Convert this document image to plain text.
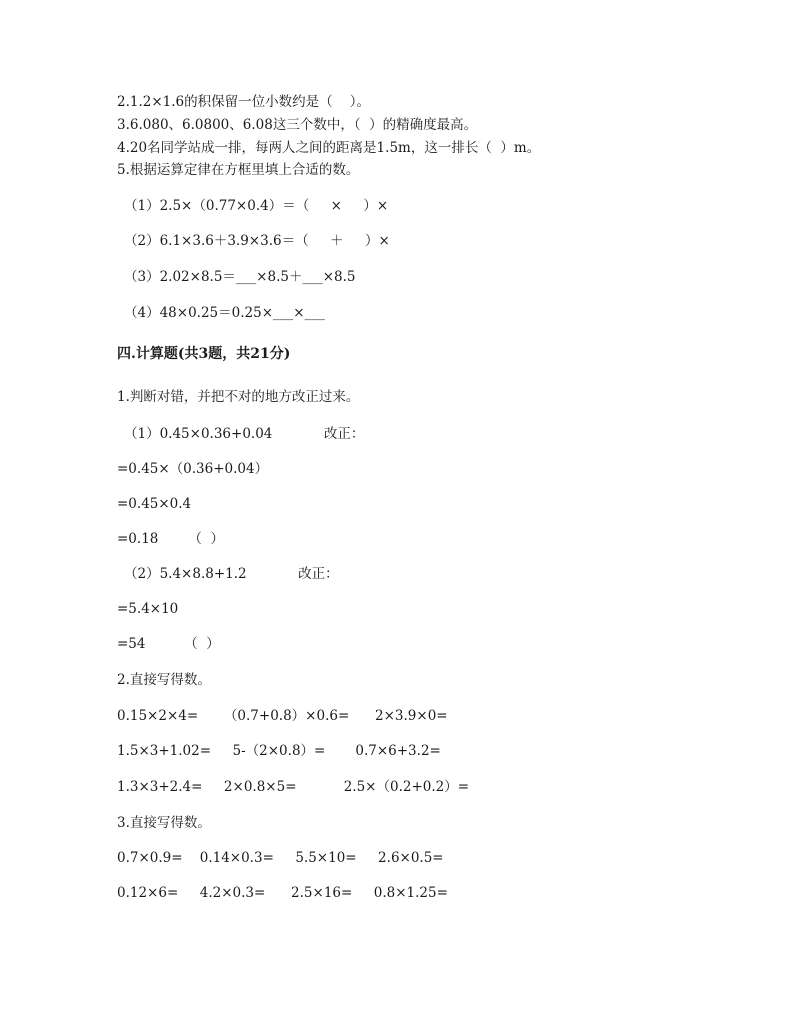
2.1.2×1.6的积保留一位小数约是（    ）。
3.6.080、6.0800、6.08这三个数中，（  ）的精确度最高。
4.20名同学站成一排，每两人之间的距离是1.5m，这一排长（  ）m。
5.根据运算定律在方框里填上合适的数。
（1）2.5×（0.77×0.4）＝（     ×     ）×
（2）6.1×3.6＋3.9×3.6＝（     ＋     ）×
（3）2.02×8.5＝___×8.5＋___×8.5
（4）48×0.25＝0.25×___×___
四.计算题(共3题，共21分)
1.判断对错，并把不对的地方改正过来。
（1）0.45×0.36+0.04            改正：
=0.45×（0.36+0.04）
=0.45×0.4
=0.18       （  ）
（2）5.4×8.8+1.2            改正：
=5.4×10
=54         （  ）
2.直接写得数。
0.15×2×4=      （0.7+0.8）×0.6=      2×3.9×0=
1.5×3+1.02=     5-（2×0.8）=       0.7×6+3.2=
1.3×3+2.4=     2×0.8×5=           2.5×（0.2+0.2）=
3.直接写得数。
0.7×0.9=    0.14×0.3=     5.5×10=     2.6×0.5=
0.12×6=     4.2×0.3=      2.5×16=     0.8×1.25=
